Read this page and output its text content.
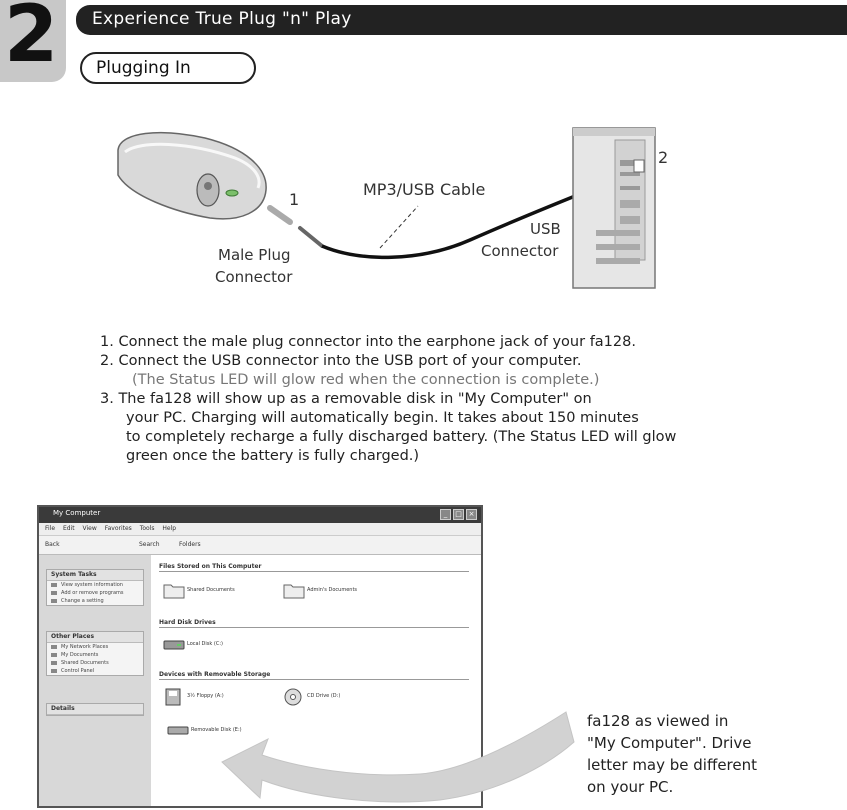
2 Experience True Plug "n" Play
Plugging In
1
2
MP3/USB Cable
Male Plug
Connector
USB
Connector
1. Connect the male plug connector into the earphone jack of your fa128.
2. Connect the USB connector into the USB port of your computer.
(The Status LED will glow red when the connection is complete.)
3. The fa128 will show up as a removable disk in "My Computer" on
your PC. Charging will automatically begin. It takes about 150 minutes
to completely recharge a fully discharged battery. (The Status LED will glow
green once the battery is fully charged.)
My Computer	_	□ ×
File Edit View Favorites Tools Help
Back	Search	Folders
System Tasks
View system information
Add or remove programs
Change a setting
Other Places
My Network Places
My Documents
Shared Documents
Control Panel
Details
Files Stored on This Computer
Shared Documents	Admin's Documents
Hard Disk Drives
Local Disk (C:)
Devices with Removable Storage
3½ Floppy (A:)	CD Drive (D:)
Removable Disk (E:)	fa128 as viewed in
"My Computer". Drive
letter may be different
on your PC.
